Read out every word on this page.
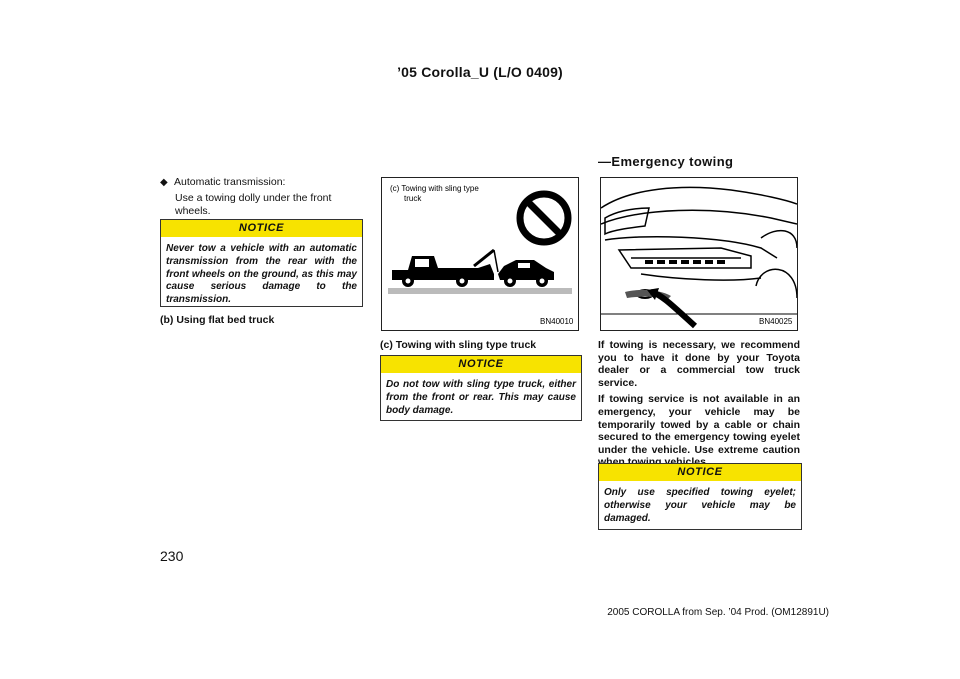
’05 Corolla_U (L/O 0409)
—Emergency towing
◆ Automatic transmission:
Use a towing dolly under the front wheels.
NOTICE
Never tow a vehicle with an automatic transmission from the rear with the front wheels on the ground, as this may cause serious damage to the transmission.
(b) Using flat bed truck
(c) Towing with sling type
truck
BN40010
(c) Towing with sling type truck
NOTICE
Do not tow with sling type truck, either from the front or rear. This may cause body damage.
BN40025

If towing is necessary, we recommend you to have it done by your Toyota dealer or a commercial tow truck service.

If towing service is not available in an emergency, your vehicle may be temporarily towed by a cable or chain secured to the emergency towing eyelet under the vehicle. Use extreme caution

NOTICE
Only use specified towing eyelet; otherwise your vehicle may be damaged.
230
2005 COROLLA from Sep. ’04 Prod. (OM12891U)
